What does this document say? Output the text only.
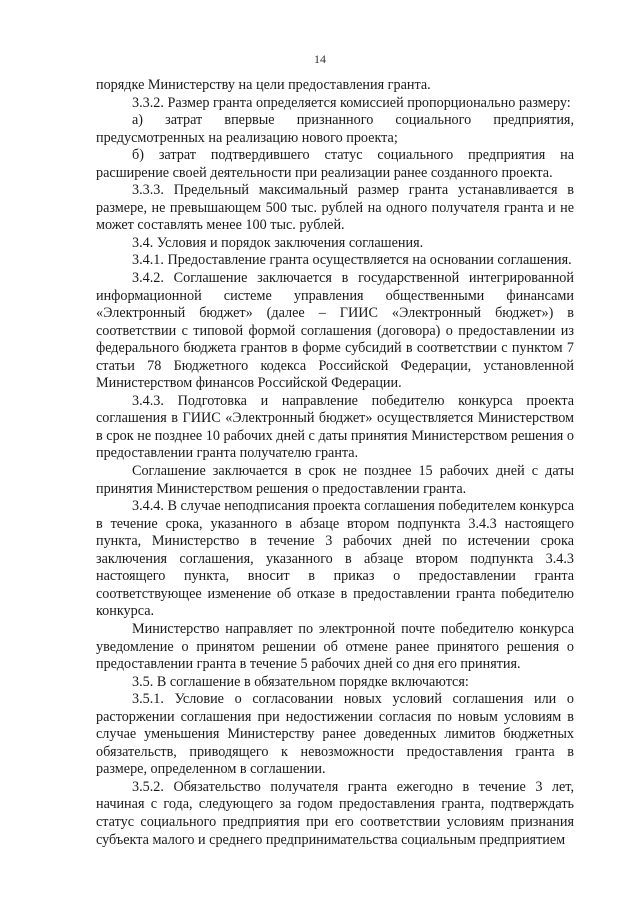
14

порядке Министерству на цели предоставления гранта.

3.3.2. Размер гранта определяется комиссией пропорционально размеру:

а) затрат впервые признанного социального предприятия, предусмотренных на реализацию нового проекта;

б) затрат подтвердившего статус социального предприятия на расширение своей деятельности при реализации ранее созданного проекта.

3.3.3. Предельный максимальный размер гранта устанавливается в размере, не превышающем 500 тыс. рублей на одного получателя гранта и не может составлять менее 100 тыс. рублей.

3.4. Условия и порядок заключения соглашения.

3.4.1. Предоставление гранта осуществляется на основании соглашения.

3.4.2. Соглашение заключается в государственной интегрированной информационной системе управления общественными финансами «Электронный бюджет» (далее – ГИИС «Электронный бюджет») в соответствии с типовой формой соглашения (договора) о предоставлении из федерального бюджета грантов в форме субсидий в соответствии с пунктом 7 статьи 78 Бюджетного кодекса Российской Федерации, установленной Министерством финансов Российской Федерации.

3.4.3. Подготовка и направление победителю конкурса проекта соглашения в ГИИС «Электронный бюджет» осуществляется Министерством в срок не позднее 10 рабочих дней с даты принятия Министерством решения о предоставлении гранта получателю гранта.

Соглашение заключается в срок не позднее 15 рабочих дней с даты принятия Министерством решения о предоставлении гранта.

3.4.4. В случае неподписания проекта соглашения победителем конкурса в течение срока, указанного в абзаце втором подпункта 3.4.3 настоящего пункта, Министерство в течение 3 рабочих дней по истечении срока заключения соглашения, указанного в абзаце втором подпункта 3.4.3 настоящего пункта, вносит в приказ о предоставлении гранта соответствующее изменение об отказе в предоставлении гранта победителю конкурса.

Министерство направляет по электронной почте победителю конкурса уведомление о принятом решении об отмене ранее принятого решения о предоставлении гранта в течение 5 рабочих дней со дня его принятия.

3.5. В соглашение в обязательном порядке включаются:

3.5.1. Условие о согласовании новых условий соглашения или о расторжении соглашения при недостижении согласия по новым условиям в случае уменьшения Министерству ранее доведенных лимитов бюджетных обязательств, приводящего к невозможности предоставления гранта в размере, определенном в соглашении.

3.5.2. Обязательство получателя гранта ежегодно в течение 3 лет, начиная с года, следующего за годом предоставления гранта, подтверждать статус социального предприятия при его соответствии условиям признания субъекта малого и среднего предпринимательства социальным предприятием
